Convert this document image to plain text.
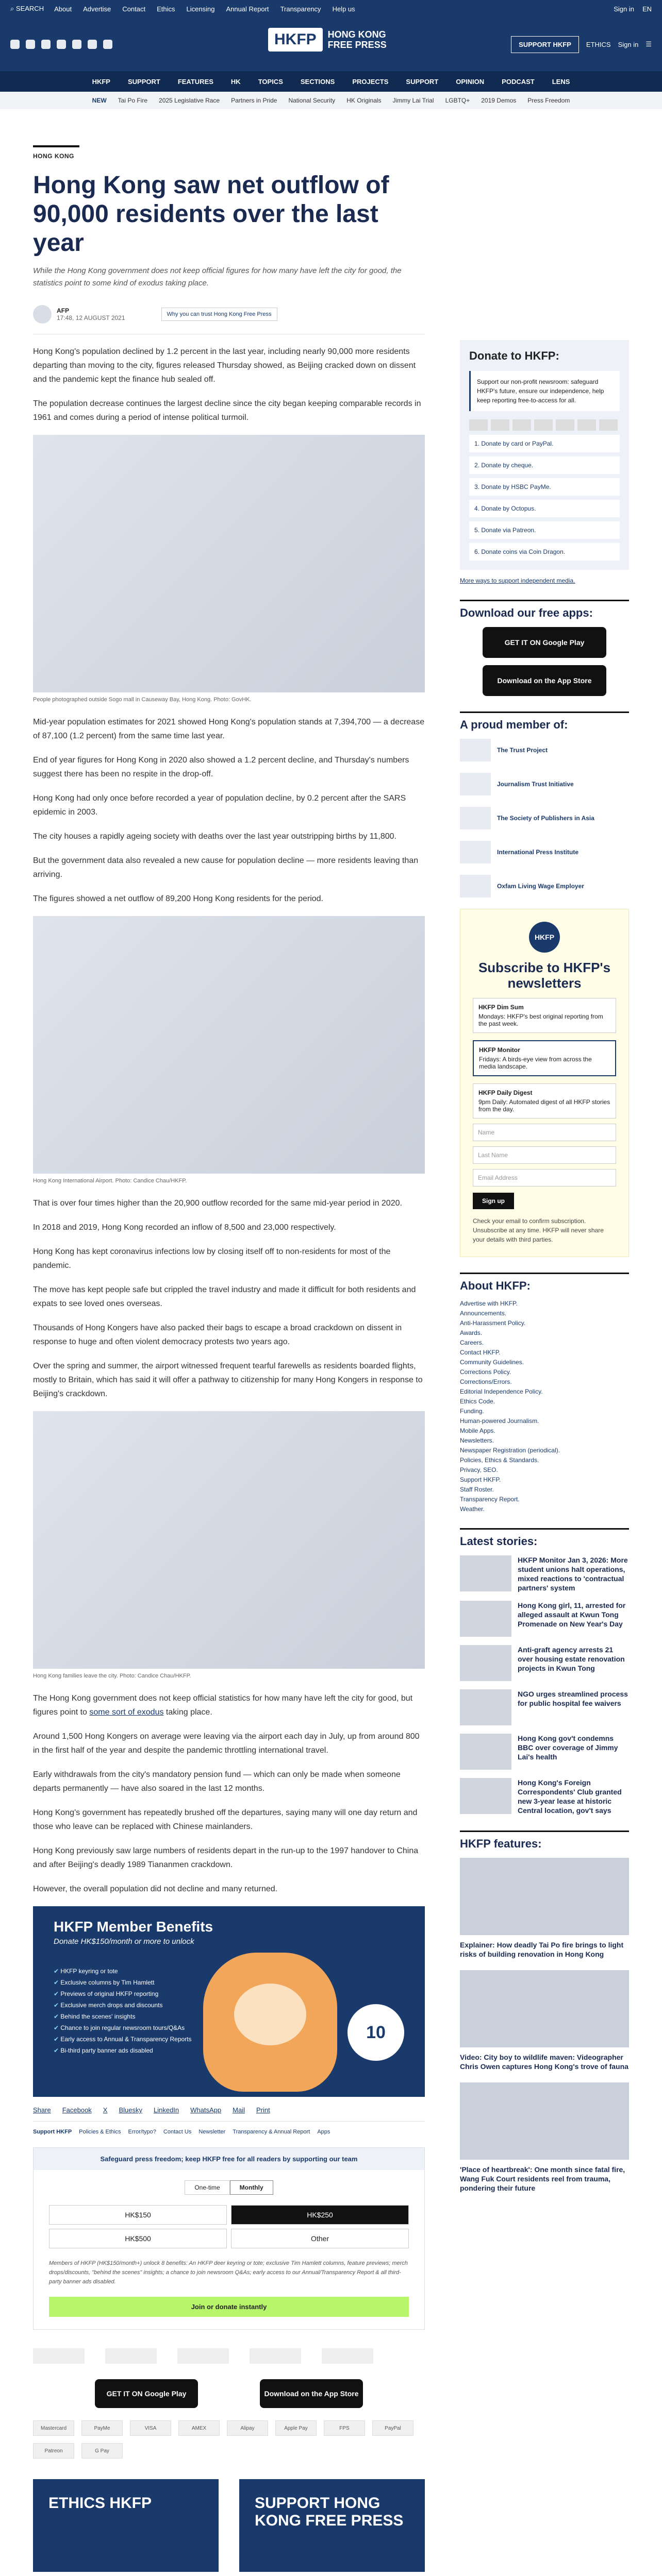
⌕ SEARCH About Advertise Contact Ethics Licensing Annual Report Transparency Help us	Sign in EN
HKFP	HONG KONG
FREE PRESS	SUPPORT HKFP	ETHICS Sign in ☰
HKFP	SUPPORT	FEATURES	HK	TOPICS	SECTIONS	PROJECTS	SUPPORT	OPINION	PODCAST	LENS
NEW Tai Po Fire 2025 Legislative Race Partners in Pride National Security HK Originals Jimmy Lai Trial LGBTQ+ 2019 Demos Press Freedom
HONG KONG
Hong Kong saw net outflow of 90,000 residents over the last year
While the Hong Kong government does not keep official figures for how many have left the city for good, the statistics point to some kind of exodus taking place.
AFP
17:48, 12 AUGUST 2021	Why you can trust Hong Kong Free Press

Hong Kong's population declined by 1.2 percent in the last year, including nearly 90,000 more residents departing than moving to the city, figures released Thursday showed, as Beijing cracked down on dissent and the pandemic kept the finance hub sealed off.

The population decrease continues the largest decline since the city began keeping comparable records in 1961 and comes during a period of intense political turmoil.

People photographed outside Sogo mall in Causeway Bay, Hong Kong. Photo: GovHK.

Mid-year population estimates for 2021 showed Hong Kong's population stands at 7,394,700 — a decrease of 87,100 (1.2 percent) from the same time last year.

End of year figures for Hong Kong in 2020 also showed a 1.2 percent decline, and Thursday's numbers suggest there has been no respite in the drop-off.

Hong Kong had only once before recorded a year of population decline, by 0.2 percent after the SARS epidemic in 2003.

The city houses a rapidly ageing society with deaths over the last year outstripping births by 11,800.

But the government data also revealed a new cause for population decline — more residents leaving than arriving.

The figures showed a net outflow of 89,200 Hong Kong residents for the period.

Hong Kong International Airport. Photo: Candice Chau/HKFP.

That is over four times higher than the 20,900 outflow recorded for the same mid-year period in 2020.

In 2018 and 2019, Hong Kong recorded an inflow of 8,500 and 23,000 respectively.

Hong Kong has kept coronavirus infections low by closing itself off to non-residents for most of the pandemic.

The move has kept people safe but crippled the travel industry and made it difficult for both residents and expats to see loved ones overseas.

Thousands of Hong Kongers have also packed their bags to escape a broad crackdown on dissent in response to huge and often violent democracy protests two years ago.

Over the spring and summer, the airport witnessed frequent tearful farewells as residents boarded flights, mostly to Britain, which has said it will offer a pathway to citizenship for many Hong Kongers in response to Beijing's crackdown.

Hong Kong families leave the city. Photo: Candice Chau/HKFP.

The Hong Kong government does not keep official statistics for how many have left the city for good, but figures point to some sort of exodus taking place.

Around 1,500 Hong Kongers on average were leaving via the airport each day in July, up from around 800 in the first half of the year and despite the pandemic throttling international travel.

Early withdrawals from the city's mandatory pension fund — which can only be made when someone departs permanently — have also soared in the last 12 months.

Hong Kong's government has repeatedly brushed off the departures, saying many will one day return and those who leave can be replaced with Chinese mainlanders.

Hong Kong previously saw large numbers of residents depart in the run-up to the 1997 handover to China and after Beijing's deadly 1989 Tiananmen crackdown.

However, the overall population did not decline and many returned.

HKFP Member Benefits
Donate HK$150/month or more to unlock
✔ HKFP keyring or tote
✔ Exclusive columns by Tim Hamlett
✔ Previews of original HKFP reporting
✔ Exclusive merch drops and discounts
✔ Behind the scenes' insights
✔ Chance to join regular newsroom tours/Q&As
✔ Early access to Annual & Transparency Reports
✔ Bi-third party banner ads disabled
10
Share Facebook X Bluesky LinkedIn WhatsApp Mail Print
Support HKFP Policies & Ethics Error/typo? Contact Us Newsletter Transparency & Annual Report Apps
Safeguard press freedom; keep HKFP free for all readers by supporting our team
One-time	Monthly
HK$150	HK$250
HK$500	Other
Members of HKFP (HK$150/month+) unlock 8 benefits: An HKFP deer keyring or tote; exclusive Tim Hamlett columns, feature previews; merch drops/discounts, "behind the scenes" insights; a chance to join newsroom Q&As; early access to our Annual/Transparency Report & all third-party banner ads disabled.
Join or donate instantly
GET IT ON Google Play	Download on the App Store
Mastercard	PayMe	VISA	AMEX	Alipay	Apple Pay	FPS	PayPal
Patreon	G Pay
ETHICS HKFP	SUPPORT HONG KONG FREE PRESS
Donate to HKFP:
Support our non-profit newsroom: safeguard HKFP's future, ensure our independence, help keep reporting free-to-access for all.
1. Donate by card or PayPal.
2. Donate by cheque.
3. Donate by HSBC PayMe.
4. Donate by Octopus.
5. Donate via Patreon.
6. Donate coins via Coin Dragon.
More ways to support independent media.
Download our free apps:
GET IT ON Google Play Download on the App Store
A proud member of:
The Trust Project
Journalism Trust Initiative
The Society of Publishers in Asia
International Press Institute
Oxfam Living Wage Employer
HKFP
Subscribe to HKFP's newsletters
HKFP Dim Sum
Mondays: HKFP's best original reporting from the past week.
HKFP Monitor
Fridays: A birds-eye view from across the media landscape.
HKFP Daily Digest
9pm Daily: Automated digest of all HKFP stories from the day.
Name
Last Name
Email Address
Sign up
Check your email to confirm subscription. Unsubscribe at any time. HKFP will never share your details with third parties.
About HKFP:
Advertise with HKFP.
Announcements.
Anti-Harassment Policy.
Awards.
Careers.
Contact HKFP.
Community Guidelines.
Corrections Policy.
Corrections/Errors.
Editorial Independence Policy.
Ethics Code.
Funding.
Human-powered Journalism.
Mobile Apps.
Newsletters.
Newspaper Registration (periodical).
Policies, Ethics & Standards.
Privacy, SEO.
Support HKFP.
Staff Roster.
Transparency Report.
Weather.
Latest stories:
HKFP Monitor Jan 3, 2026: More student unions halt operations, mixed reactions to 'contractual partners' system
Hong Kong girl, 11, arrested for alleged assault at Kwun Tong Promenade on New Year's Day
Anti-graft agency arrests 21 over housing estate renovation projects in Kwun Tong
NGO urges streamlined process for public hospital fee waivers
Hong Kong gov't condemns BBC over coverage of Jimmy Lai's health
Hong Kong's Foreign Correspondents' Club granted new 3-year lease at historic Central location, gov't says
HKFP features:
Explainer: How deadly Tai Po fire brings to light risks of building renovation in Hong Kong
Video: City boy to wildlife maven: Videographer Chris Owen captures Hong Kong's trove of fauna
'Place of heartbreak': One month since fatal fire, Wang Fuk Court residents reel from trauma, pondering their future
